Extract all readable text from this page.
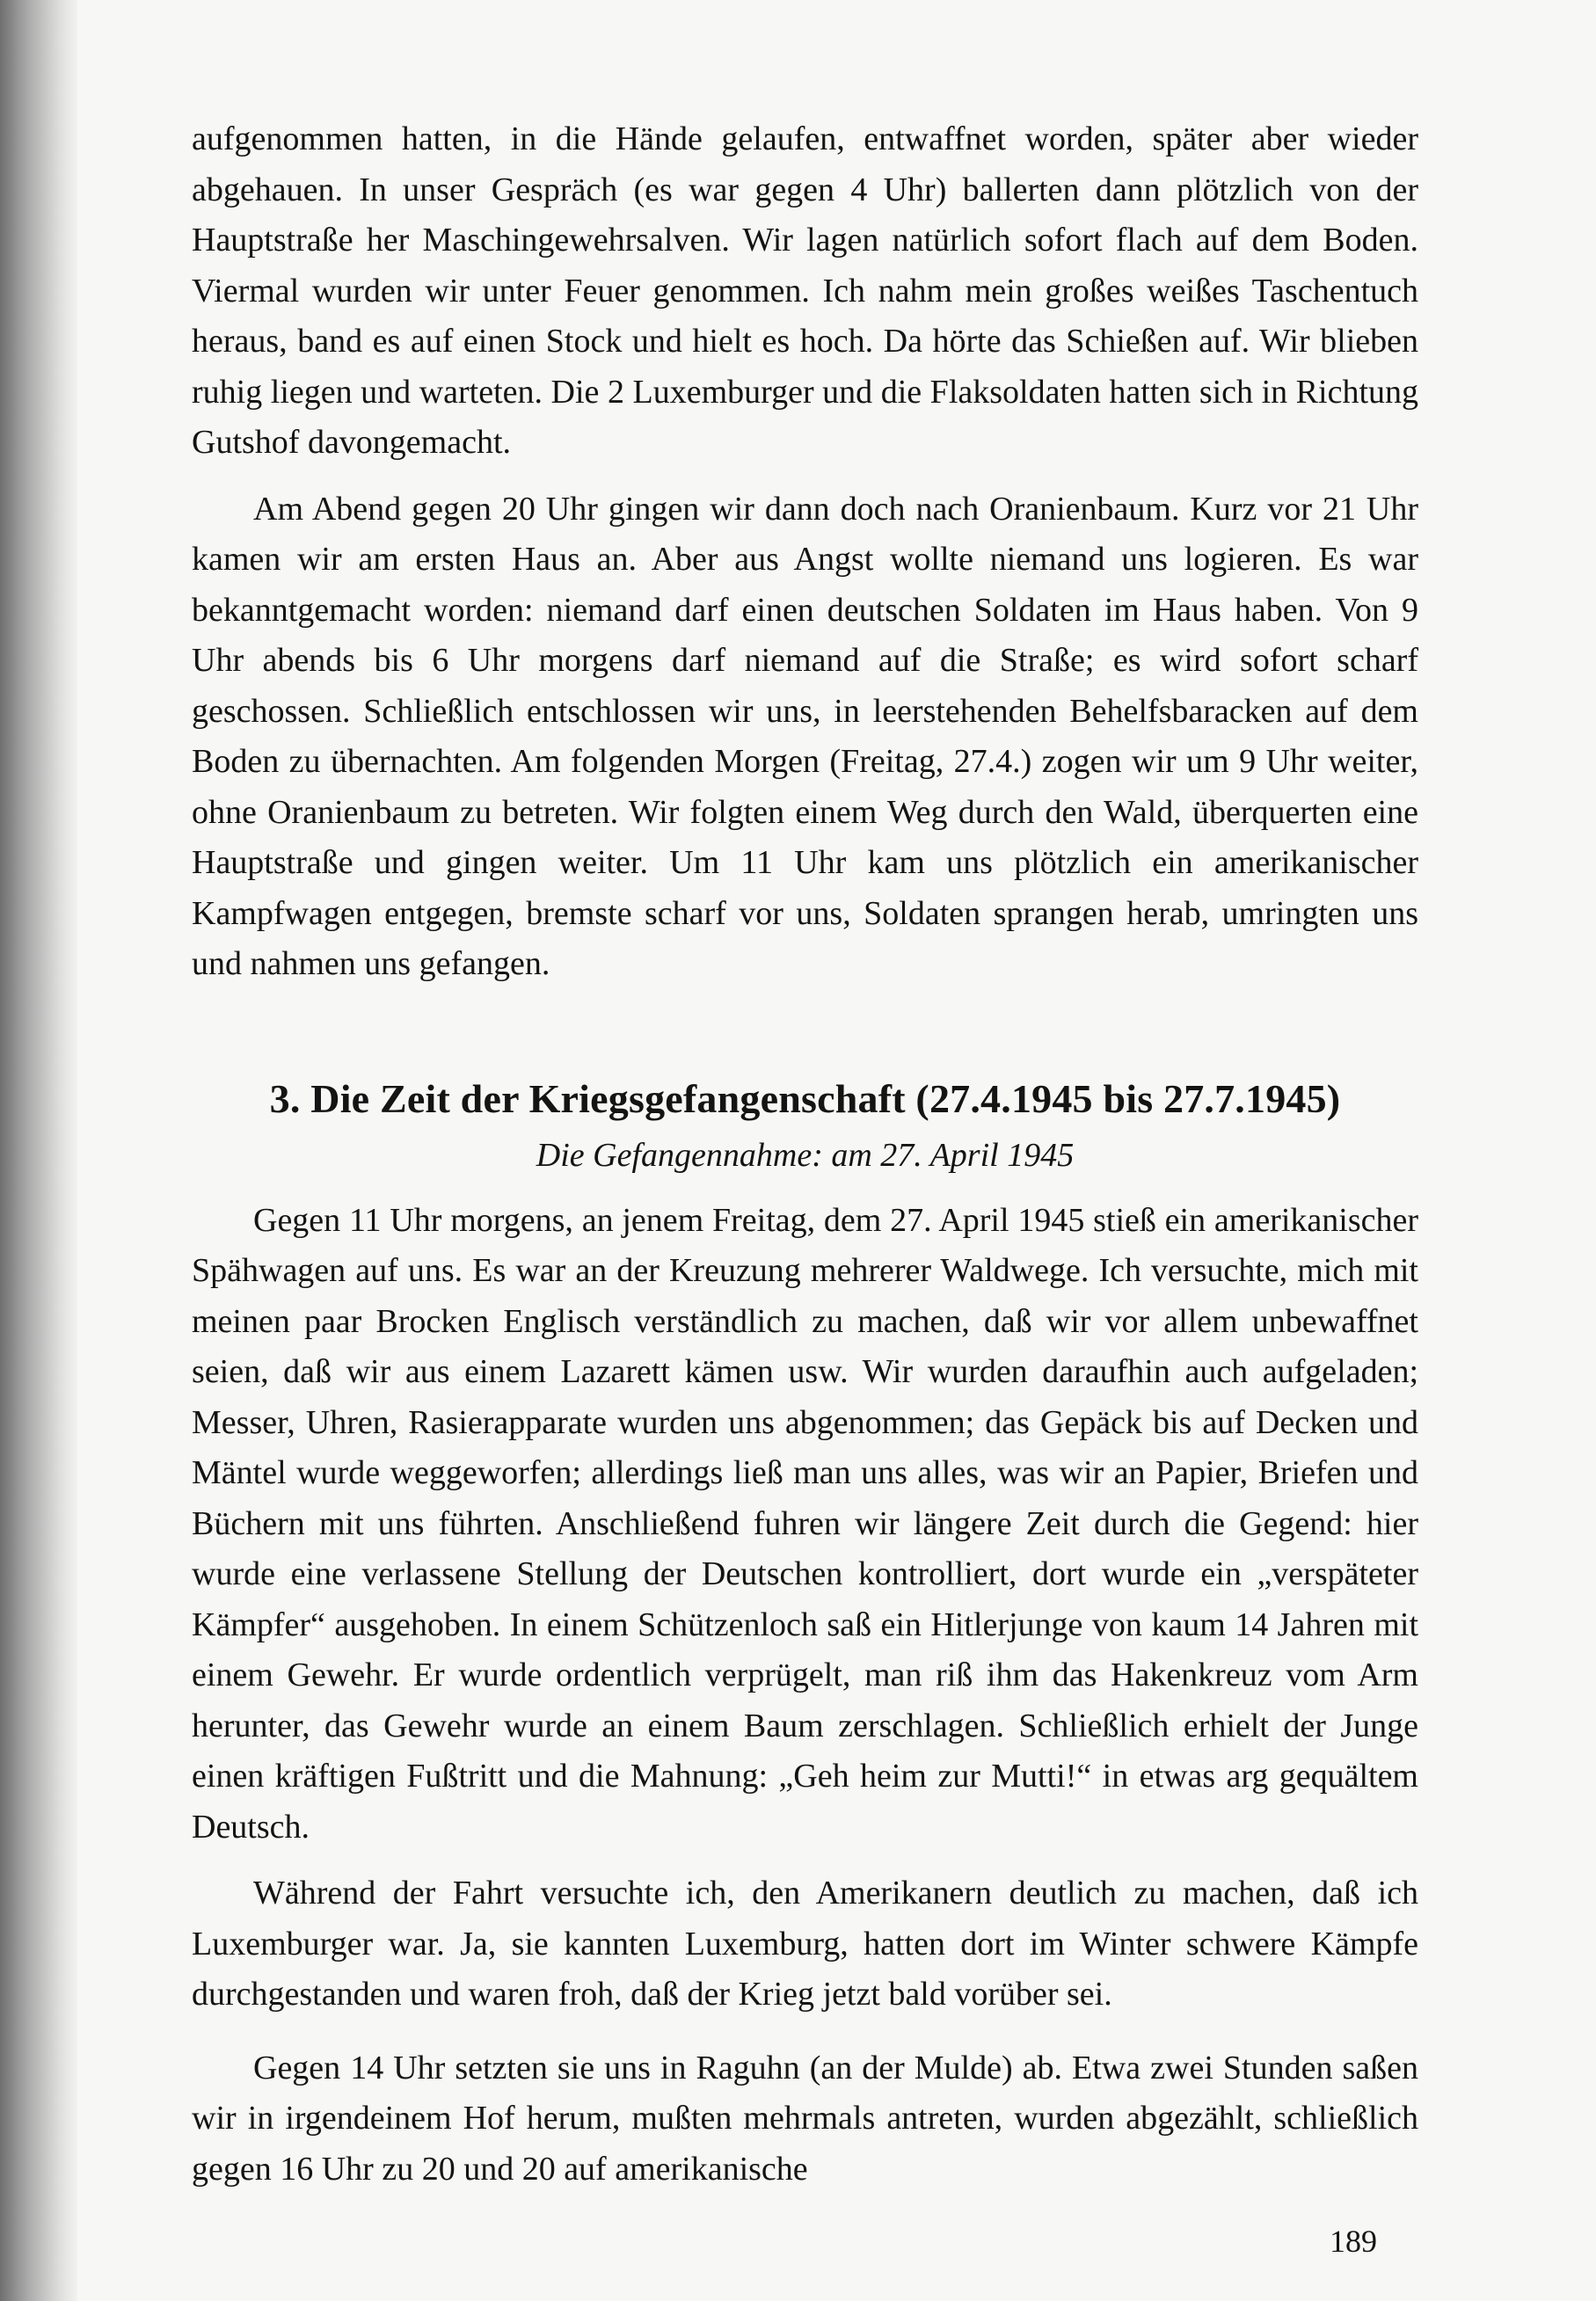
aufgenommen hatten, in die Hände gelaufen, entwaffnet worden, später aber wieder abgehauen. In unser Gespräch (es war gegen 4 Uhr) ballerten dann plötzlich von der Hauptstraße her Maschingewehrsalven. Wir lagen natürlich sofort flach auf dem Boden. Viermal wurden wir unter Feuer genommen. Ich nahm mein großes weißes Taschentuch heraus, band es auf einen Stock und hielt es hoch. Da hörte das Schießen auf. Wir blieben ruhig liegen und warteten. Die 2 Luxemburger und die Flaksoldaten hatten sich in Richtung Gutshof davongemacht.

Am Abend gegen 20 Uhr gingen wir dann doch nach Oranienbaum. Kurz vor 21 Uhr kamen wir am ersten Haus an. Aber aus Angst wollte niemand uns logieren. Es war bekanntgemacht worden: niemand darf einen deutschen Soldaten im Haus haben. Von 9 Uhr abends bis 6 Uhr morgens darf niemand auf die Straße; es wird sofort scharf geschossen. Schließlich entschlossen wir uns, in leerstehenden Behelfsbaracken auf dem Boden zu übernachten. Am folgenden Morgen (Freitag, 27.4.) zogen wir um 9 Uhr weiter, ohne Oranienbaum zu betreten. Wir folgten einem Weg durch den Wald, überquerten eine Hauptstraße und gingen weiter. Um 11 Uhr kam uns plötzlich ein amerikanischer Kampfwagen entgegen, bremste scharf vor uns, Soldaten sprangen herab, umringten uns und nahmen uns gefangen.

3. Die Zeit der Kriegsgefangenschaft (27.4.1945 bis 27.7.1945)
Die Gefangennahme: am 27. April 1945

Gegen 11 Uhr morgens, an jenem Freitag, dem 27. April 1945 stieß ein amerikanischer Spähwagen auf uns. Es war an der Kreuzung mehrerer Waldwege. Ich versuchte, mich mit meinen paar Brocken Englisch verständlich zu machen, daß wir vor allem unbewaffnet seien, daß wir aus einem Lazarett kämen usw. Wir wurden daraufhin auch aufgeladen; Messer, Uhren, Rasierapparate wurden uns abgenommen; das Gepäck bis auf Decken und Mäntel wurde weggeworfen; allerdings ließ man uns alles, was wir an Papier, Briefen und Büchern mit uns führten. Anschließend fuhren wir längere Zeit durch die Gegend: hier wurde eine verlassene Stellung der Deutschen kontrolliert, dort wurde ein „verspäteter Kämpfer“ ausgehoben. In einem Schützenloch saß ein Hitlerjunge von kaum 14 Jahren mit einem Gewehr. Er wurde ordentlich verprügelt, man riß ihm das Hakenkreuz vom Arm herunter, das Gewehr wurde an einem Baum zerschlagen. Schließlich erhielt der Junge einen kräftigen Fußtritt und die Mahnung: „Geh heim zur Mutti!“ in etwas arg gequältem Deutsch.

Während der Fahrt versuchte ich, den Amerikanern deutlich zu machen, daß ich Luxemburger war. Ja, sie kannten Luxemburg, hatten dort im Winter schwere Kämpfe durchgestanden und waren froh, daß der Krieg jetzt bald vorüber sei.

Gegen 14 Uhr setzten sie uns in Raguhn (an der Mulde) ab. Etwa zwei Stunden saßen wir in irgendeinem Hof herum, mußten mehrmals antreten, wurden abgezählt, schließlich gegen 16 Uhr zu 20 und 20 auf amerikanische

189
